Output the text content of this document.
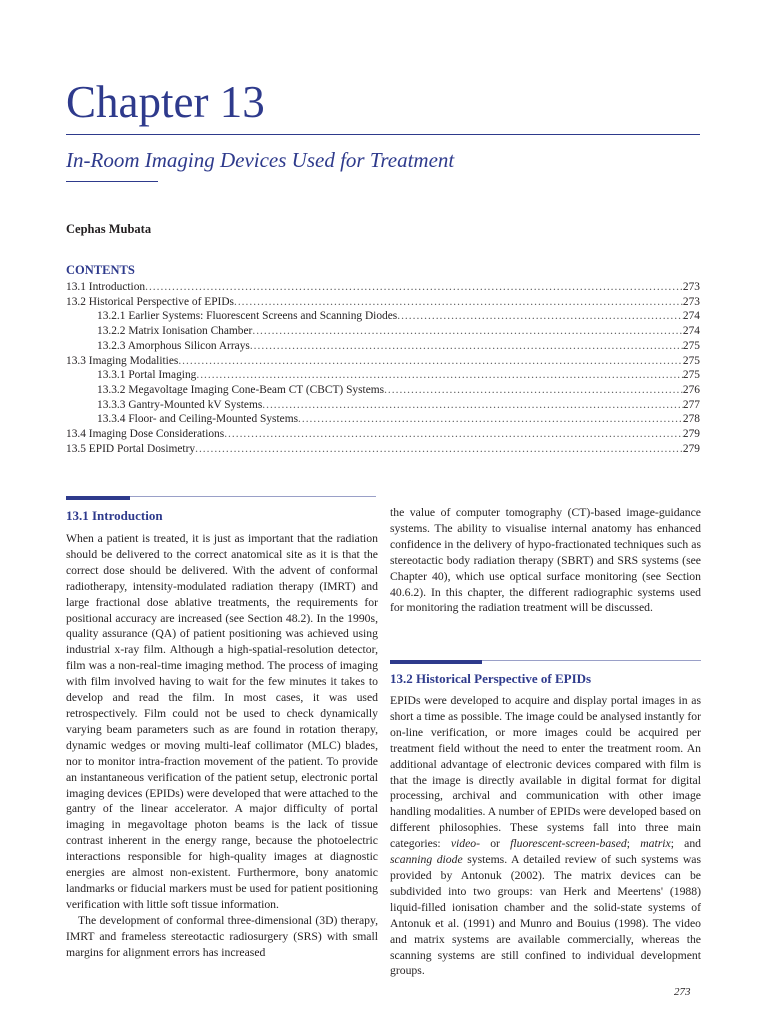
Chapter 13
In-Room Imaging Devices Used for Treatment
Cephas Mubata
CONTENTS
13.1 Introduction .....	273
13.2 Historical Perspective of EPIDs .....	273
13.2.1 Earlier Systems: Fluorescent Screens and Scanning Diodes .....	274
13.2.2 Matrix Ionisation Chamber .....	274
13.2.3 Amorphous Silicon Arrays .....	275
13.3 Imaging Modalities .....	275
13.3.1 Portal Imaging .....	275
13.3.2 Megavoltage Imaging Cone-Beam CT (CBCT) Systems .....	276
13.3.3 Gantry-Mounted kV Systems .....	277
13.3.4 Floor- and Ceiling-Mounted Systems .....	278
13.4 Imaging Dose Considerations .....	279
13.5 EPID Portal Dosimetry .....	279
13.1 Introduction

When a patient is treated, it is just as important that the radiation should be delivered to the correct anatomical site as it is that the correct dose should be delivered. With the advent of conformal radiotherapy, intensity-modulated radiation therapy (IMRT) and large fractional dose ablative treatments, the requirements for positional accuracy are increased (see Section 48.2). In the 1990s, quality assurance (QA) of patient positioning was achieved using industrial x-ray film. Although a high-spatial-resolution detector, film was a non-real-time imaging method. The process of imaging with film involved having to wait for the few minutes it takes to develop and read the film. In most cases, it was used retrospectively. Film could not be used to check dynamically varying beam parameters such as are found in rotation therapy, dynamic wedges or moving multi-leaf collimator (MLC) blades, nor to monitor intra-fraction movement of the patient. To provide an instantaneous verification of the patient setup, electronic portal imaging devices (EPIDs) were developed that were attached to the gantry of the linear accelerator. A major difficulty of portal imaging in megavoltage photon beams is the lack of tissue contrast inherent in the energy range, because the photoelectric interactions responsible for high-quality images at diagnostic energies are almost non-existent. Furthermore, bony anatomic landmarks or fiducial markers must be used for patient positioning verification with little soft tissue information.

The development of conformal three-dimensional (3D) therapy, IMRT and frameless stereotactic radiosurgery (SRS) with small margins for alignment errors has increased

the value of computer tomography (CT)-based image-guidance systems. The ability to visualise internal anatomy has enhanced confidence in the delivery of hypo-fractionated techniques such as stereotactic body radiation therapy (SBRT) and SRS systems (see Chapter 40), which use optical surface monitoring (see Section 40.6.2). In this chapter, the different radiographic systems used for monitoring the radiation treatment will be discussed.

13.2 Historical Perspective of EPIDs

EPIDs were developed to acquire and display portal images in as short a time as possible. The image could be analysed instantly for on-line verification, or more images could be acquired per treatment field without the need to enter the treatment room. An additional advantage of electronic devices compared with film is that the image is directly available in digital format for digital processing, archival and communication with other image handling modalities. A number of EPIDs were developed based on different philosophies. These systems fall into three main categories: video- or fluorescent-screen-based; matrix; and scanning diode systems. A detailed review of such systems was provided by Antonuk (2002). The matrix devices can be subdivided into two groups: van Herk and Meertens' (1988) liquid-filled ionisation chamber and the solid-state systems of Antonuk et al. (1991) and Munro and Bouius (1998). The video and matrix systems are available commercially, whereas the scanning systems are still confined to individual development groups.

273
